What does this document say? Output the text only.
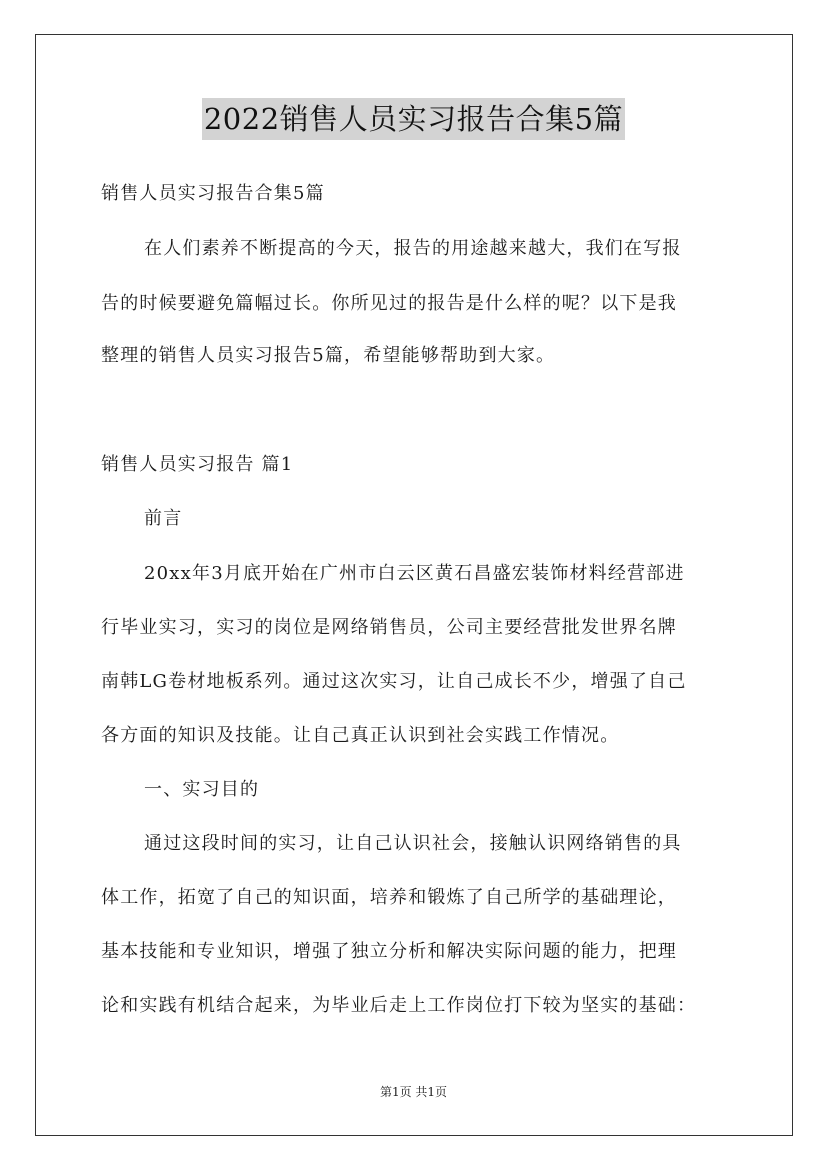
2022销售人员实习报告合集5篇
销售人员实习报告合集5篇
在人们素养不断提高的今天，报告的用途越来越大，我们在写报
告的时候要避免篇幅过长。你所见过的报告是什么样的呢？以下是我
整理的销售人员实习报告5篇，希望能够帮助到大家。
销售人员实习报告 篇1
前言
20xx年3月底开始在广州市白云区黄石昌盛宏装饰材料经营部进
行毕业实习，实习的岗位是网络销售员，公司主要经营批发世界名牌
南韩LG卷材地板系列。通过这次实习，让自己成长不少，增强了自己
各方面的知识及技能。让自己真正认识到社会实践工作情况。
一、实习目的
通过这段时间的实习，让自己认识社会，接触认识网络销售的具
体工作，拓宽了自己的知识面，培养和锻炼了自己所学的基础理论，
基本技能和专业知识，增强了独立分析和解决实际问题的能力，把理
论和实践有机结合起来，为毕业后走上工作岗位打下较为坚实的基础：
第1页 共1页
